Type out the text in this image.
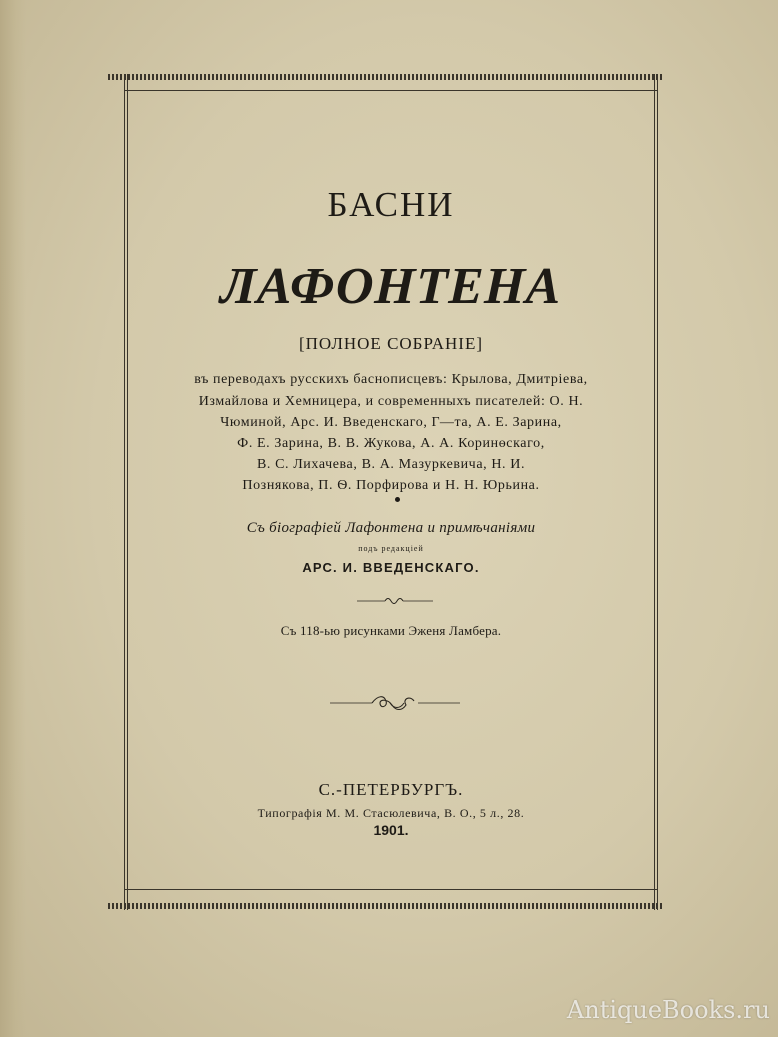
БАСНИ
ЛАФОНТЕНА
[ПОЛНОЕ СОБРАНІЕ]
въ переводахъ русскихъ баснописцевъ: Крылова, Дмитріева,
Измайлова и Хемницера, и современныхъ писателей: О. Н.
Чюминой, Арс. И. Введенскаго, Г—та, А. Е. Зарина,
Ф. Е. Зарина, В. В. Жукова, А. А. Коринѳскаго,
В. С. Лихачева, В. А. Мазуркевича, Н. И.
Познякова, П. Ѳ. Порфирова и Н. Н. Юрьина.
Съ біографіей Лафонтена и примѣчаніями
подъ редакціей
АРС. И. ВВЕДЕНСКАГО.
Съ 118-ью рисунками Эженя Ламбера.
С.-ПЕТЕРБУРГЪ.
Типографія М. М. Стасюлевича, В. О., 5 л., 28.
1901.
AntiqueBooks.ru
